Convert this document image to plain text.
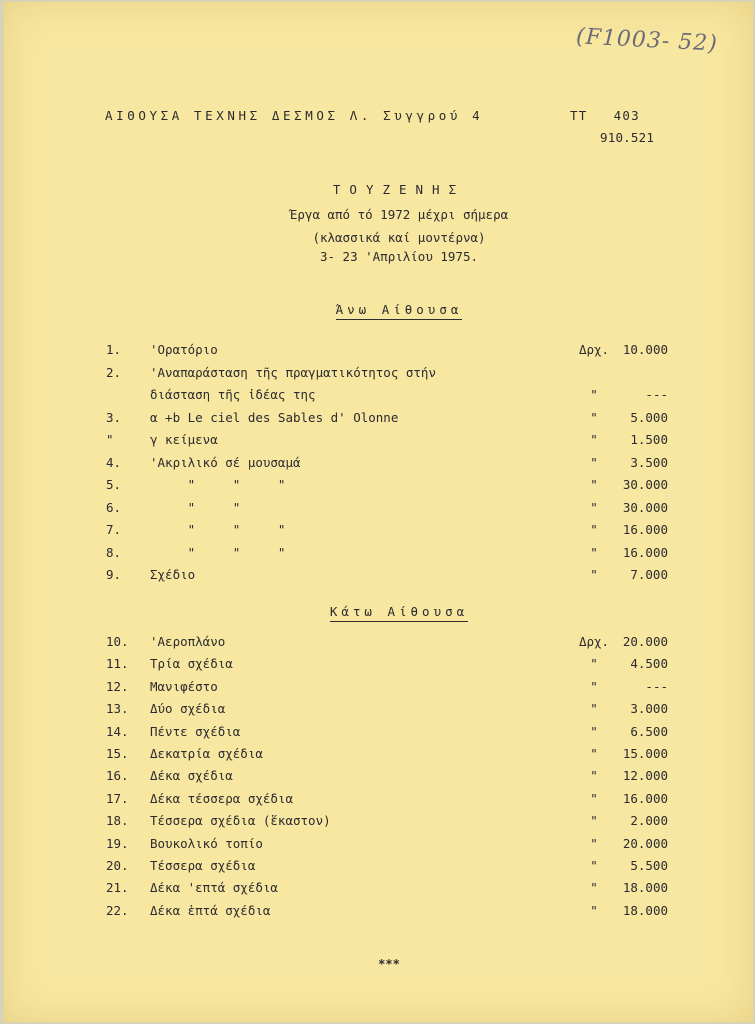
(F1003- 52)
ΑΙΘΟΥΣΑ ΤΕΧΝΗΣ ΔΕΣΜΟΣ Λ. Συγγρού 4	ΤΤ   403
910.521
ΤΟΥΖΕΝΗΣ
Έργα από τό 1972 μέχρι σήμερα
(κλασσικά καί μοντέρνα)
3- 23 'Απριλίου 1975.
Άνω Αίθουσα
1. 'Ορατόριο	Δρχ.	10.000
2. 'Αναπαράσταση τῆς πραγματικότητος στήν
διάσταση τῆς ἰδέας της	"	---
3. α +b Le ciel des Sables d' Olonne	"	5.000
"	γ κείμενα	"	1.500
4. 'Ακριλικό σέ μουσαμά	"	3.500
5. "     "     "	"	30.000
6. "     "	"	30.000
7. "     "     "	"	16.000
8. "     "     "	"	16.000
9. Σχέδιο	"	7.000
Κάτω Αίθουσα
10. 'Αεροπλάνο	Δρχ.	20.000
11. Τρία σχέδια	"	4.500
12. Μανιφέστο	"	---
13. Δύο σχέδια	"	3.000
14. Πέντε σχέδια	"	6.500
15. Δεκατρία σχέδια	"	15.000
16. Δέκα σχέδια	"	12.000
17. Δέκα τέσσερα σχέδια	"	16.000
18. Τέσσερα σχέδια (ἕκαστον)	"	2.000
19. Βουκολικό τοπίο	"	20.000
20. Τέσσερα σχέδια	"	5.500
21. Δέκα 'επτά σχέδια	"	18.000
22. Δέκα ἑπτά σχέδια	"	18.000
***
